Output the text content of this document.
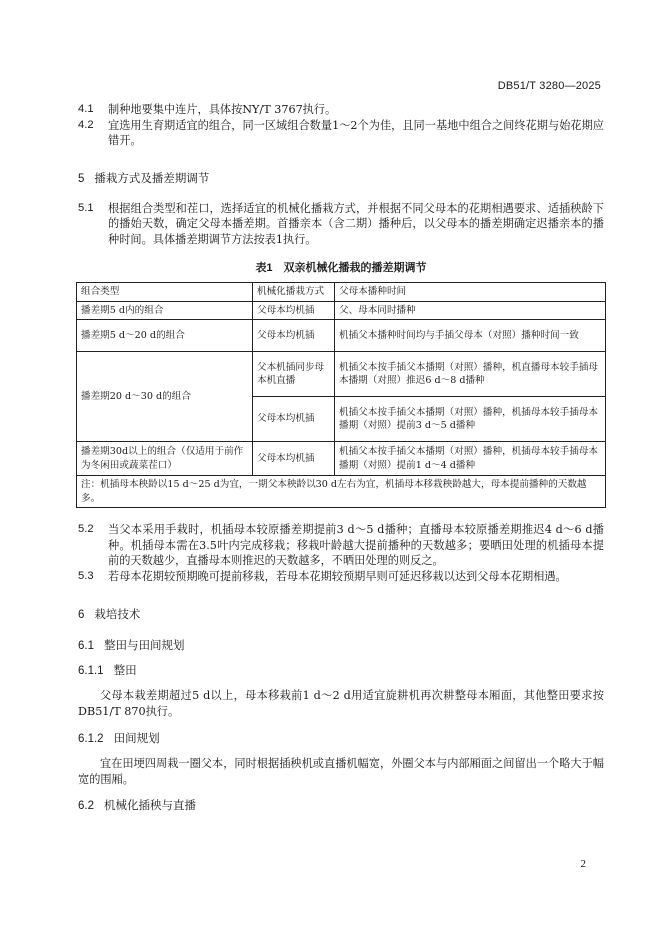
DB51/T 3280—2025
4.1	制种地要集中连片，具体按NY/T 3767执行。
4.2	宜选用生育期适宜的组合，同一区域组合数量1～2个为佳，且同一基地中组合之间终花期与始花期应错开。
5 播栽方式及播差期调节
5.1	根据组合类型和茬口，选择适宜的机械化播栽方式，并根据不同父母本的花期相遇要求、适插秧龄下的播始天数，确定父母本播差期。首播亲本（含二期）播种后，以父母本的播差期确定迟播亲本的播种时间。具体播差期调节方法按表1执行。
表1　双亲机械化播栽的播差期调节
组合类型	机械化播栽方式	父母本播种时间
播差期5 d内的组合	父母本均机插	父、母本同时播种
播差期5 d～20 d的组合	父母本均机插	机插父本播种时间均与手插父母本（对照）播种时间一致
播差期20 d～30 d的组合	父本机插同步母本机直播	机插父本按手插父本播期（对照）播种，机直播母本较手插母本播期（对照）推迟6 d～8 d播种
	父母本均机插	机插父本按手插父本播期（对照）播种，机插母本较手插母本播期（对照）提前3 d～5 d播种
播差期30d以上的组合（仅适用于前作为冬闲田或蔬菜茬口）	父母本均机插	机插父本按手插父本播期（对照）播种，机插母本较手插母本播期（对照）提前1 d～4 d播种
注：机插母本秧龄以15 d～25 d为宜，一期父本秧龄以30 d左右为宜，机插母本移栽秧龄越大，母本提前播种的天数越多。		
5.2	当父本采用手栽时，机插母本较原播差期提前3 d～5 d播种；直播母本较原播差期推迟4 d～6 d播种。机插母本需在3.5叶内完成移栽；移栽叶龄越大提前播种的天数越多；要晒田处理的机插母本提前的天数越少，直播母本则推迟的天数越多，不晒田处理的则反之。
5.3	若母本花期较预期晚可提前移栽，若母本花期较预期早则可延迟移栽以达到父母本花期相遇。
6 栽培技术
6.1 整田与田间规划
6.1.1 整田

父母本栽差期超过5 d以上，母本移栽前1 d～2 d用适宜旋耕机再次耕整母本厢面，其他整田要求按DB51/T 870执行。

6.1.2 田间规划

宜在田埂四周栽一圈父本，同时根据插秧机或直播机幅宽，外圈父本与内部厢面之间留出一个略大于幅宽的围厢。

6.2 机械化插秧与直播
2
